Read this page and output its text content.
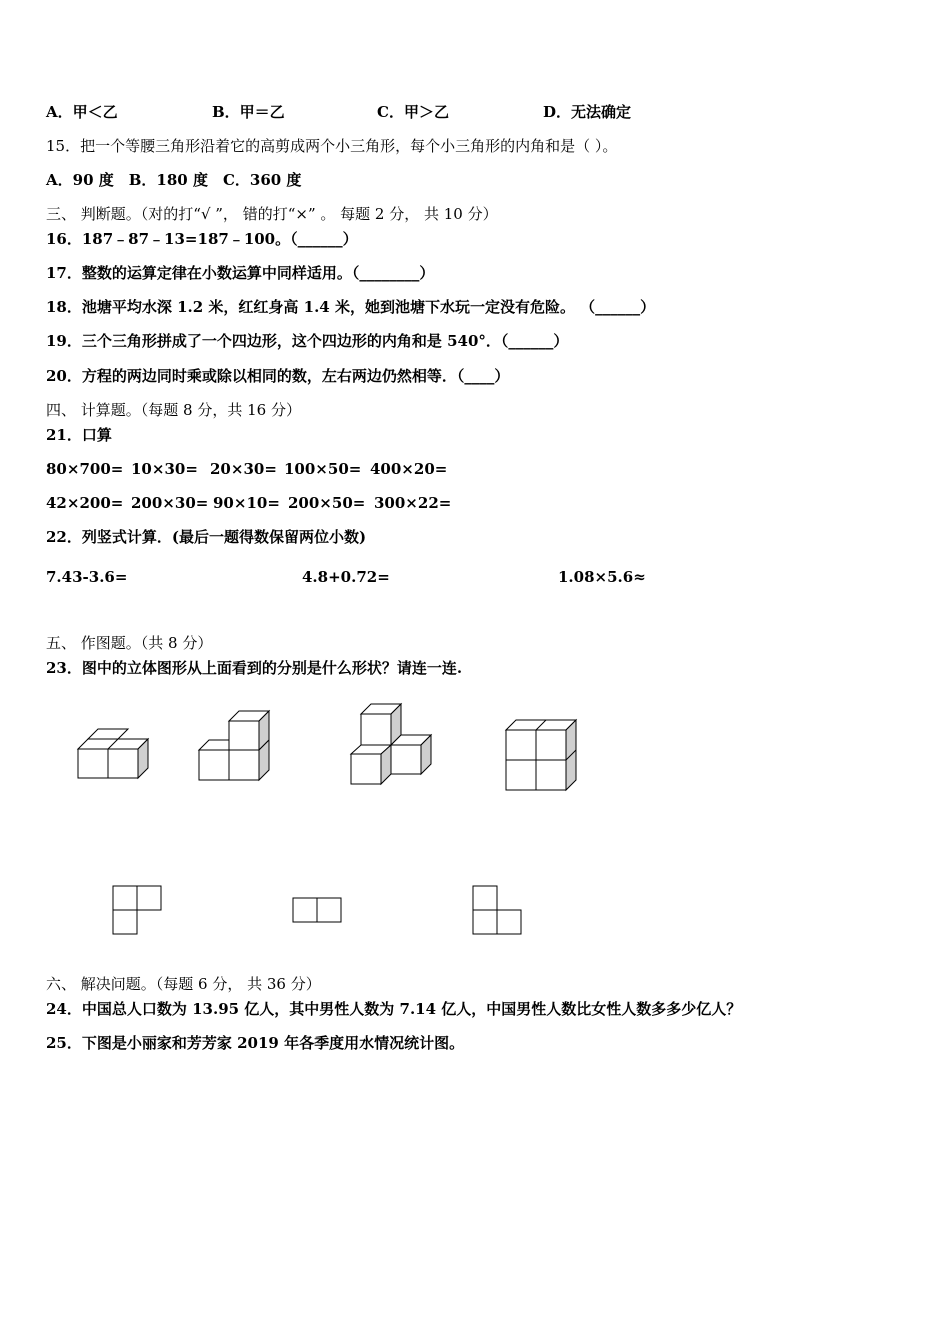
A．甲＜乙	B．甲＝乙	C．甲＞乙	D．无法确定
15．把一个等腰三角形沿着它的高剪成两个小三角形，每个小三角形的内角和是（ ）。
A．90 度　B．180 度　C．360 度
三、 判断题。（对的打“√ ”， 错的打“×” 。 每题 2 分， 共 10 分）
16．187﹣87﹣13=187﹣100。（______）
17．整数的运算定律在小数运算中同样适用。（________）
18．池塘平均水深 1.2 米，红红身高 1.4 米，她到池塘下水玩一定没有危险。 （______）
19．三个三角形拼成了一个四边形，这个四边形的内角和是 540°．（______）
20．方程的两边同时乘或除以相同的数，左右两边仍然相等．（____）
四、 计算题。（每题 8 分，共 16 分）
21．口算
80×700= 10×30= 20×30= 100×50= 400×20=
42×200= 200×30= 90×10= 200×50= 300×22=
22．列竖式计算．(最后一题得数保留两位小数)
7.43-3.6=	4.8+0.72=	1.08×5.6≈
五、 作图题。（共 8 分）
23．图中的立体图形从上面看到的分别是什么形状？请连一连.
六、 解决问题。（每题 6 分， 共 36 分）
24．中国总人口数为 13.95 亿人，其中男性人数为 7.14 亿人，中国男性人数比女性人数多多少亿人？
25．下图是小丽家和芳芳家 2019 年各季度用水情况统计图。
